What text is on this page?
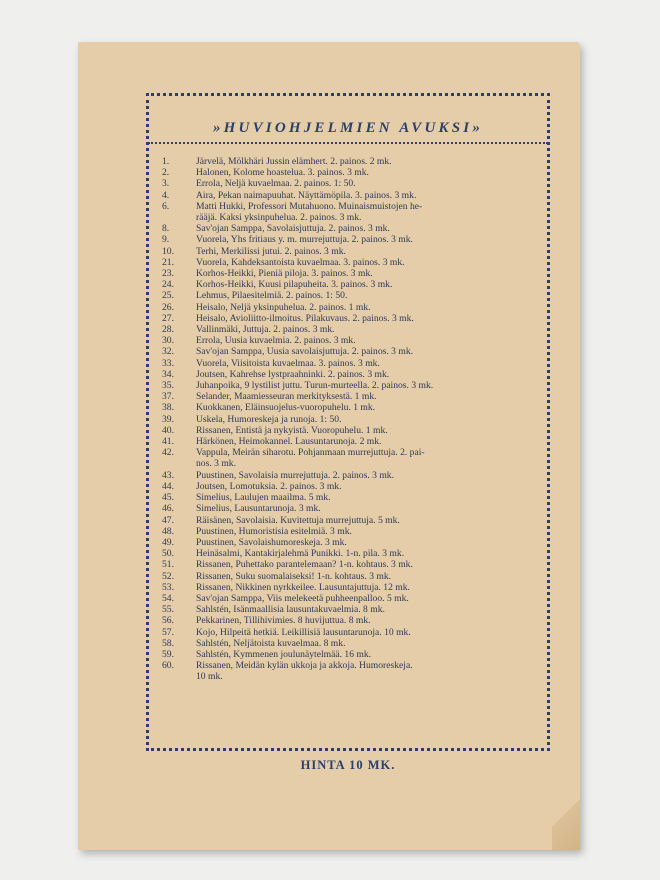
»HUVIOHJELMIEN AVUKSI»
1.	Järvelä, Mölkhäri Jussin elämhert. 2. painos. 2 mk.
2.	Halonen, Kolome hoastelua. 3. painos. 3 mk.
3.	Errola, Neljä kuvaelmaa. 2. painos. 1: 50.
4.	Aira, Pekan naimapuuhat. Näyttämöpila. 3. painos. 3 mk.
6.	Matti Hukki, Professori Mutahuono. Muinaismuistojen he-
rääjä. Kaksi yksinpuhelua. 2. painos. 3 mk.
8.	Sav'ojan Samppa, Savolaisjuttuja. 2. painos. 3 mk.
9.	Vuorela, Yhs fritiaus y. m. murrejuttuja. 2. painos. 3 mk.
10.	Terhi, Merkilissi jutui. 2. painos. 3 mk.
21.	Vuorela, Kahdeksantoista kuvaelmaa. 3. painos. 3 mk.
23.	Korhos-Heikki, Pieniä piloja. 3. painos. 3 mk.
24.	Korhos-Heikki, Kuusi pilapuheita. 3. painos. 3 mk.
25.	Lehmus, Pilaesitelmiä. 2. painos. 1: 50.
26.	Heisalo, Neljä yksinpuhelua. 2. painos. 1 mk.
27.	Heisalo, Avioliitto-ilmoitus. Pilakuvaus. 2. painos. 3 mk.
28.	Vallinmäki, Juttuja. 2. painos. 3 mk.
30.	Errola, Uusia kuvaelmia. 2. painos. 3 mk.
32.	Sav'ojan Samppa, Uusia savolaisjuttuja. 2. painos. 3 mk.
33.	Vuorela, Viisitoista kuvaelmaa. 3. painos. 3 mk.
34.	Joutsen, Kahrehse lystpraahninki. 2. painos. 3 mk.
35.	Juhanpoika, 9 lystilist juttu. Turun-murteella. 2. painos. 3 mk.
37.	Selander, Maamiesseuran merkityksestä. 1 mk.
38.	Kuokkanen, Eläinsuojelus-vuoropuhelu. 1 mk.
39.	Uskela, Humoreskeja ja runoja. 1: 50.
40.	Rissanen, Entistä ja nykyistä. Vuoropuhelu. 1 mk.
41.	Härkönen, Heimokannel. Lausuntarunoja. 2 mk.
42.	Vappula, Meirän siharotu. Pohjanmaan murrejuttuja. 2. pai-
nos. 3 mk.
43.	Puustinen, Savolaisia murrejuttuja. 2. painos. 3 mk.
44.	Joutsen, Lomotuksia. 2. painos. 3 mk.
45.	Simelius, Laulujen maailma. 5 mk.
46.	Simelius, Lausuntarunoja. 3 mk.
47.	Räisänen, Savolaisia. Kuvitettuja murrejuttuja. 5 mk.
48.	Puustinen, Humoristisia esitelmiä. 3 mk.
49.	Puustinen, Savolaishumoreskeja. 3 mk.
50.	Heinäsalmi, Kantakirjalehmä Punikki. 1-n. pila. 3 mk.
51.	Rissanen, Puhettako parantelemaan? 1-n. kohtaus. 3 mk.
52.	Rissanen, Suku suomalaiseksi! 1-n. kohtaus. 3 mk.
53.	Rissanen, Nikkinen nyrkkeilee. Lausuntajuttuja. 12 mk.
54.	Sav'ojan Samppa, Viis melekeetä puhheenpalloo. 5 mk.
55.	Sahlstén, Isänmaallisia lausuntakuvaelmia. 8 mk.
56.	Pekkarinen, Tillihivimies. 8 huvijuttua. 8 mk.
57.	Kojo, Hilpeitä hetkiä. Leikillisiä lausuntarunoja. 10 mk.
58.	Sahlstén, Neljätoista kuvaelmaa. 8 mk.
59.	Sahlstén, Kymmenen joulunäytelmää. 16 mk.
60.	Rissanen, Meidän kylän ukkoja ja akkoja. Humoreskeja.
10 mk.
HINTA 10 MK.
